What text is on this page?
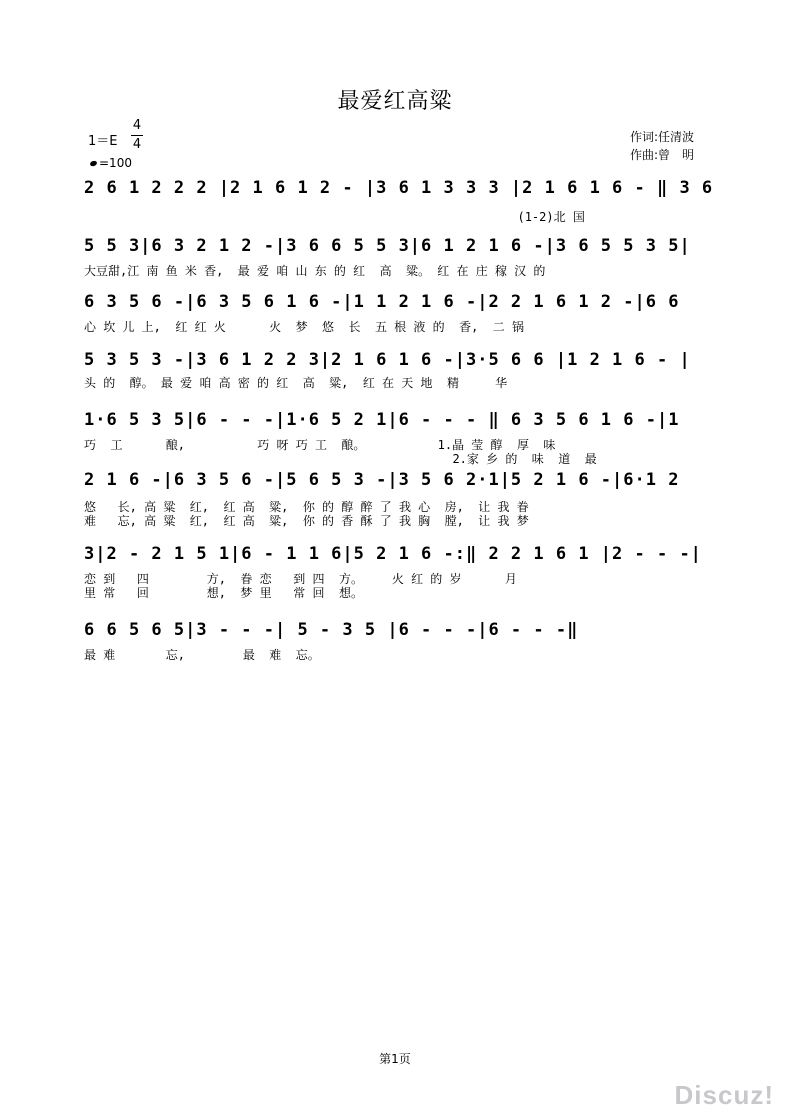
最爱红高粱
1＝E
4
4
=100
作词:任清波
作曲:曾　明
2 6 1 2 2 2 |2 1 6 1 2 - |3 6 1 3 3 3 |2 1 6 1 6 - ‖ 3 6
(1-2)北 国
5 5 3|6 3 2 1 2 -|3 6 6 5 5 3|6 1 2 1 6 -|3 6 5 5 3 5|
大豆甜,江 南 鱼 米 香,  最 爱 咱 山 东 的 红  高  粱。 红 在 庄 稼 汉 的
6 3 5 6 -|6 3 5 6 1 6 -|1 1 2 1 6 -|2 2 1 6 1 2 -|6 6
心 坎 儿 上,  红 红 火      火  梦  悠  长  五 根 液 的  香,  二 锅
5 3 5 3 -|3 6 1 2 2 3|2 1 6 1 6 -|3·5 6 6 |1 2 1 6 - |
头 的  醇。 最 爱 咱 高 密 的 红  高  粱,  红 在 天 地  精     华
1·6 5 3 5|6 - - -|1·6 5 2 1|6 - - - ‖ 6 3 5 6 1 6 -|1
巧  工      酿,          巧 呀 巧 工  酿。          1.晶 莹 醇  厚  味
2.家 乡 的  味  道  最
2 1 6 -|6 3 5 6 -|5 6 5 3 -|3 5 6 2·1|5 2 1 6 -|6·1 2
悠   长, 高 粱  红,  红 高  粱,  你 的 醇 醉 了 我 心  房,  让 我 眷
难   忘, 高 粱  红,  红 高  粱,  你 的 香 酥 了 我 胸  膛,  让 我 梦
3|2 - 2 1 5 1|6 - 1 1 6|5 2 1 6 -:‖ 2 2 1 6 1 |2 - - -|
恋 到   四        方,  眷 恋   到 四  方。    火 红 的 岁      月
里 常   回        想,  梦 里   常 回  想。
6 6 5 6 5|3 - - -| 5 - 3 5 |6 - - -|6 - - -‖
最 难       忘,        最  难  忘。
第1页
Discuz!
